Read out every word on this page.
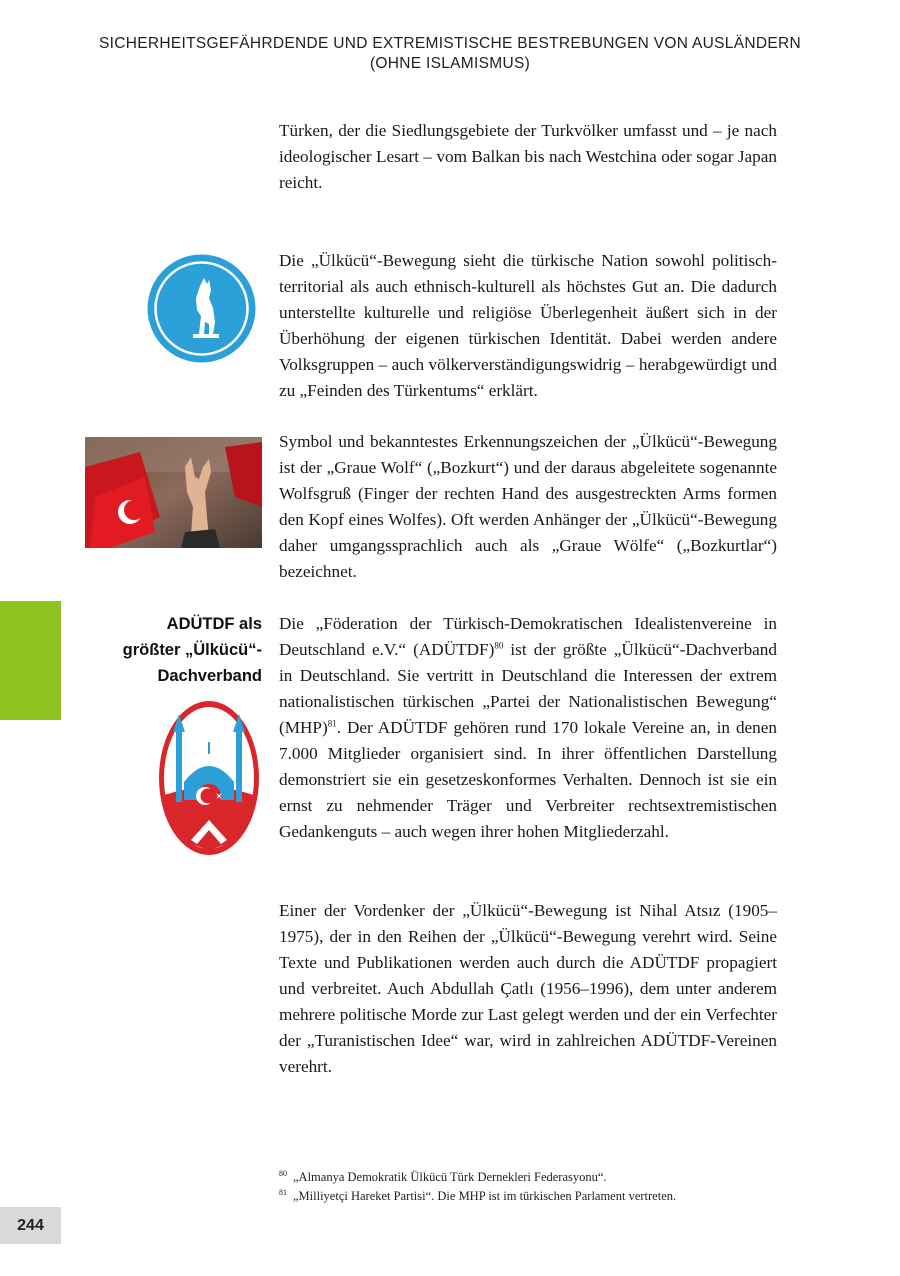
SICHERHEITSGEFÄHRDENDE UND EXTREMISTISCHE BESTREBUNGEN VON AUSLÄNDERN
(OHNE ISLAMISMUS)
Türken, der die Siedlungsgebiete der Turkvölker umfasst und – je nach ideologischer Lesart – vom Balkan bis nach Westchina oder sogar Japan reicht.
Die „Ülkücü“-Bewegung sieht die türkische Nation sowohl politisch-territorial als auch ethnisch-kulturell als höchstes Gut an. Die dadurch unterstellte kulturelle und religiöse Überlegenheit äußert sich in der Überhöhung der eigenen türkischen Identität. Dabei werden andere Volksgruppen – auch völkerverständigungswidrig – herabgewürdigt und zu „Feinden des Türkentums“ erklärt.
Symbol und bekanntestes Erkennungszeichen der „Ülkücü“-Bewegung ist der „Graue Wolf“ („Bozkurt“) und der daraus abgeleitete sogenannte Wolfsgruß (Finger der rechten Hand des ausgestreckten Arms formen den Kopf eines Wolfes). Oft werden Anhänger der „Ülkücü“-Bewegung daher umgangssprachlich auch als „Graue Wölfe“ („Bozkurtlar“) bezeichnet.
ADÜTDF als
größter „Ülkücü“-
Dachverband
Die „Föderation der Türkisch-Demokratischen Idealistenvereine in Deutschland e.V.“ (ADÜTDF)$^{80}$ ist der größte „Ülkücü“-Dachverband in Deutschland. Sie vertritt in Deutschland die Interessen der extrem nationalistischen türkischen „Partei der Nationalistischen Bewegung“ (MHP)$^{81}$. Der ADÜTDF gehören rund 170 lokale Vereine an, in denen 7.000 Mitglieder organisiert sind. In ihrer öffentlichen Darstellung demonstriert sie ein gesetzeskonformes Verhalten. Dennoch ist sie ein ernst zu nehmender Träger und Verbreiter rechtsextremistischen Gedankenguts – auch wegen ihrer hohen Mitgliederzahl.
Einer der Vordenker der „Ülkücü“-Bewegung ist Nihal Atsız (1905–1975), der in den Reihen der „Ülkücü“-Bewegung verehrt wird. Seine Texte und Publikationen werden auch durch die ADÜTDF propagiert und verbreitet. Auch Abdullah Çatlı (1956–1996), dem unter anderem mehrere politische Morde zur Last gelegt werden und der ein Verfechter der „Turanistischen Idee“ war, wird in zahlreichen ADÜTDF-Vereinen verehrt.
$^{80}$ „Almanya Demokratik Ülkücü Türk Dernekleri Federasyonu“.
$^{81}$ „Milliyetçi Hareket Partisi“. Die MHP ist im türkischen Parlament vertreten.
244
